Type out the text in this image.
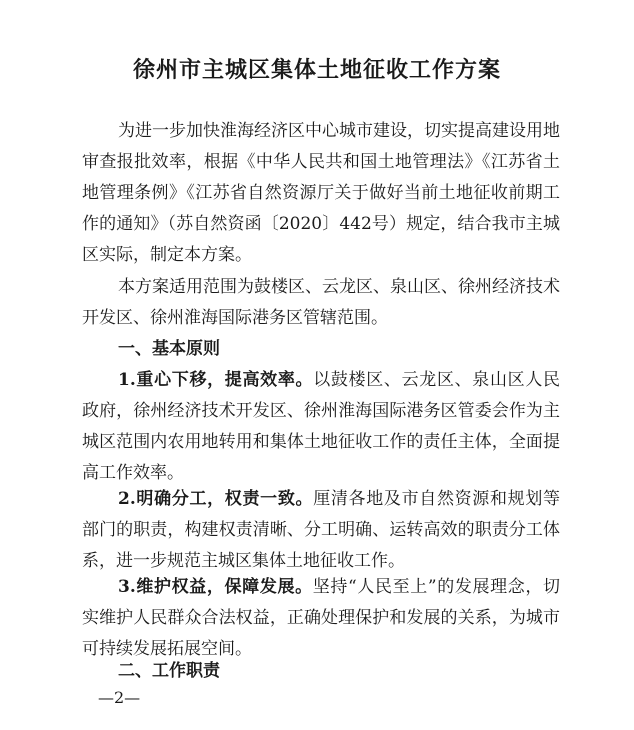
徐州市主城区集体土地征收工作方案
为进一步加快淮海经济区中心城市建设，切实提高建设用地审查报批效率，根据《中华人民共和国土地管理法》《江苏省土地管理条例》《江苏省自然资源厅关于做好当前土地征收前期工作的通知》（苏自然资函〔2020〕442号）规定，结合我市主城区实际，制定本方案。
本方案适用范围为鼓楼区、云龙区、泉山区、徐州经济技术开发区、徐州淮海国际港务区管辖范围。
一、基本原则
1.重心下移，提高效率。以鼓楼区、云龙区、泉山区人民政府，徐州经济技术开发区、徐州淮海国际港务区管委会作为主城区范围内农用地转用和集体土地征收工作的责任主体，全面提高工作效率。
2.明确分工，权责一致。厘清各地及市自然资源和规划等部门的职责，构建权责清晰、分工明确、运转高效的职责分工体系，进一步规范主城区集体土地征收工作。
3.维护权益，保障发展。坚持“人民至上”的发展理念，切实维护人民群众合法权益，正确处理保护和发展的关系，为城市可持续发展拓展空间。
二、工作职责
—2—
